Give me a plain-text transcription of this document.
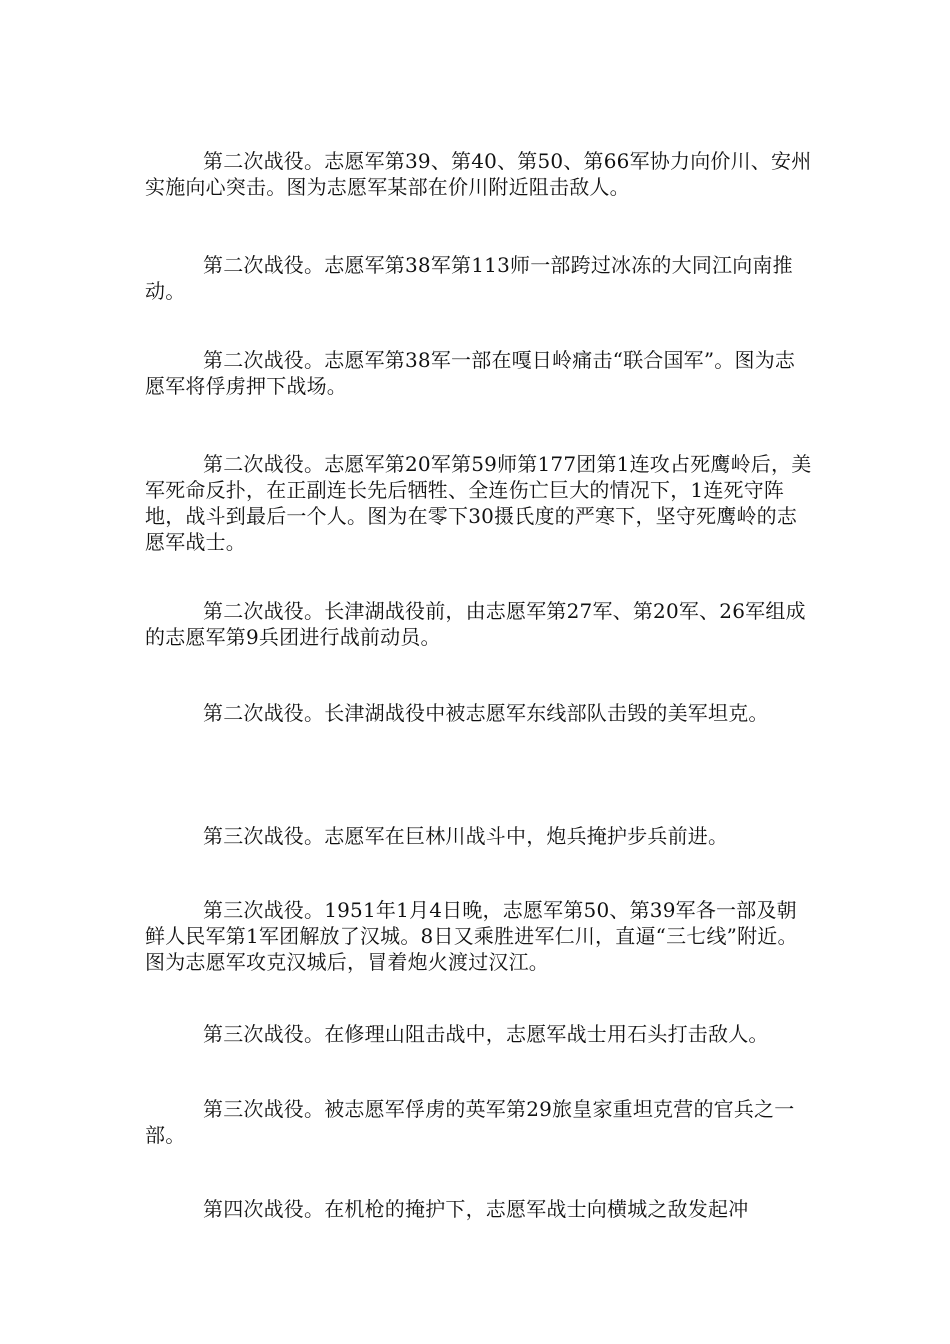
第二次战役。志愿军第39、第40、第50、第66军协力向价川、安州实施向心突击。图为志愿军某部在价川附近阻击敌人。

第二次战役。志愿军第38军第113师一部跨过冰冻的大同江向南推动。

第二次战役。志愿军第38军一部在嘎日岭痛击“联合国军”。图为志愿军将俘虏押下战场。

第二次战役。志愿军第20军第59师第177团第1连攻占死鹰岭后，美军死命反扑，在正副连长先后牺牲、全连伤亡巨大的情况下，1连死守阵地，战斗到最后一个人。图为在零下30摄氏度的严寒下，坚守死鹰岭的志愿军战士。

第二次战役。长津湖战役前，由志愿军第27军、第20军、26军组成的志愿军第9兵团进行战前动员。

第二次战役。长津湖战役中被志愿军东线部队击毁的美军坦克。

第三次战役。志愿军在巨林川战斗中，炮兵掩护步兵前进。

第三次战役。1951年1月4日晚，志愿军第50、第39军各一部及朝鲜人民军第1军团解放了汉城。8日又乘胜进军仁川，直逼“三七线”附近。图为志愿军攻克汉城后，冒着炮火渡过汉江。

第三次战役。在修理山阻击战中，志愿军战士用石头打击敌人。

第三次战役。被志愿军俘虏的英军第29旅皇家重坦克营的官兵之一部。

第四次战役。在机枪的掩护下，志愿军战士向横城之敌发起冲
